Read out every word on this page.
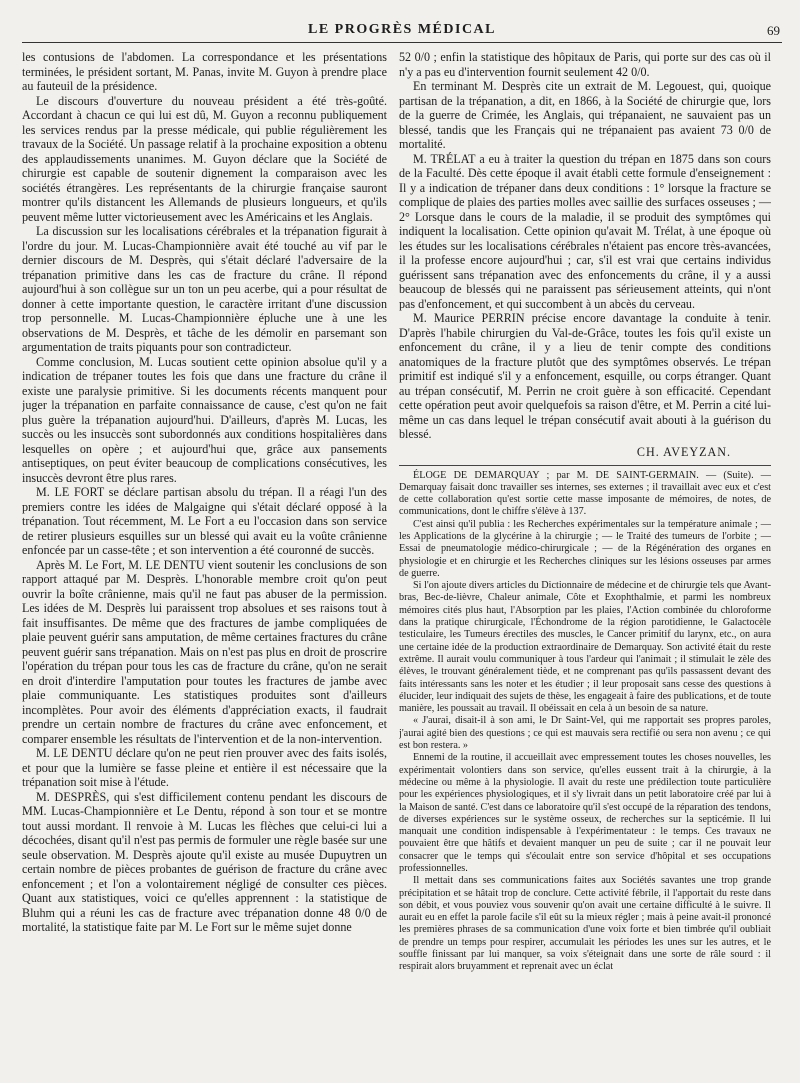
LE PROGRÈS MÉDICAL	69

les contusions de l'abdomen. La correspondance et les présentations terminées, le président sortant, M. Panas, invite M. Guyon à prendre place au fauteuil de la présidence.

Le discours d'ouverture du nouveau président a été très-goûté. Accordant à chacun ce qui lui est dû, M. Guyon a reconnu publiquement les services rendus par la presse médicale, qui publie régulièrement les travaux de la Société. Un passage relatif à la prochaine exposition a obtenu des applaudissements unanimes. M. Guyon déclare que la Société de chirurgie est capable de soutenir dignement la comparaison avec les sociétés étrangères. Les représentants de la chirurgie française sauront montrer qu'ils distancent les Allemands de plusieurs longueurs, et qu'ils peuvent même lutter victorieusement avec les Américains et les Anglais.

La discussion sur les localisations cérébrales et la trépanation figurait à l'ordre du jour. M. Lucas-Championnière avait été touché au vif par le dernier discours de M. Desprès, qui s'était déclaré l'adversaire de la trépanation primitive dans les cas de fracture du crâne. Il répond aujourd'hui à son collègue sur un ton un peu acerbe, qui a pour résultat de donner à cette importante question, le caractère irritant d'une discussion trop personnelle. M. Lucas-Championnière épluche une à une les observations de M. Desprès, et tâche de les démolir en parsemant son argumentation de traits piquants pour son contradicteur.

Comme conclusion, M. Lucas soutient cette opinion absolue qu'il y a indication de trépaner toutes les fois que dans une fracture du crâne il existe une paralysie primitive. Si les documents récents manquent pour juger la trépanation en parfaite connaissance de cause, c'est qu'on ne fait plus guère la trépanation aujourd'hui. D'ailleurs, d'après M. Lucas, les succès ou les insuccès sont subordonnés aux conditions hospitalières dans lesquelles on opère ; et aujourd'hui que, grâce aux pansements antiseptiques, on peut éviter beaucoup de complications consécutives, les insuccès devront être plus rares.

M. LE FORT se déclare partisan absolu du trépan. Il a réagi l'un des premiers contre les idées de Malgaigne qui s'était déclaré opposé à la trépanation. Tout récemment, M. Le Fort a eu l'occasion dans son service de retirer plusieurs esquilles sur un blessé qui avait eu la voûte crânienne enfoncée par un casse-tête ; et son intervention a été couronné de succès.

Après M. Le Fort, M. LE DENTU vient soutenir les conclusions de son rapport attaqué par M. Desprès. L'honorable membre croit qu'on peut ouvrir la boîte crânienne, mais qu'il ne faut pas abuser de la permission. Les idées de M. Desprès lui paraissent trop absolues et ses raisons tout à fait insuffisantes. De même que des fractures de jambe compliquées de plaie peuvent guérir sans amputation, de même certaines fractures du crâne peuvent guérir sans trépanation. Mais on n'est pas plus en droit de proscrire l'opération du trépan pour tous les cas de fracture du crâne, qu'on ne serait en droit d'interdire l'amputation pour toutes les fractures de jambe avec plaie communiquante. Les statistiques produites sont d'ailleurs incomplètes. Pour avoir des éléments d'appréciation exacts, il faudrait prendre un certain nombre de fractures du crâne avec enfoncement, et comparer ensemble les résultats de l'intervention et de la non-intervention.

M. LE DENTU déclare qu'on ne peut rien prouver avec des faits isolés, et pour que la lumière se fasse pleine et entière il est nécessaire que la trépanation soit mise à l'étude.

M. DESPRÈS, qui s'est difficilement contenu pendant les discours de MM. Lucas-Championnière et Le Dentu, répond à son tour et se montre tout aussi mordant. Il renvoie à M. Lucas les flèches que celui-ci lui a décochées, disant qu'il n'est pas permis de formuler une règle basée sur une seule observation. M. Desprès ajoute qu'il existe au musée Dupuytren un certain nombre de pièces probantes de guérison de fracture du crâne avec enfoncement ; et l'on a volontairement négligé de consulter ces pièces. Quant aux statistiques, voici ce qu'elles apprennent : la statistique de Bluhm qui a réuni les cas de fracture avec trépanation donne 48 0/0 de mortalité, la statistique faite par M. Le Fort sur le même sujet donne

52 0/0 ; enfin la statistique des hôpitaux de Paris, qui porte sur des cas où il n'y a pas eu d'intervention fournit seulement 42 0/0.

En terminant M. Desprès cite un extrait de M. Legouest, qui, quoique partisan de la trépanation, a dit, en 1866, à la Société de chirurgie que, lors de la guerre de Crimée, les Anglais, qui trépanaient, ne sauvaient pas un blessé, tandis que les Français qui ne trépanaient pas avaient 73 0/0 de mortalité.

M. TRÉLAT a eu à traiter la question du trépan en 1875 dans son cours de la Faculté. Dès cette époque il avait établi cette formule d'enseignement : Il y a indication de trépaner dans deux conditions : 1° lorsque la fracture se complique de plaies des parties molles avec saillie des surfaces osseuses ; — 2° Lorsque dans le cours de la maladie, il se produit des symptômes qui indiquent la localisation. Cette opinion qu'avait M. Trélat, à une époque où les études sur les localisations cérébrales n'étaient pas encore très-avancées, il la professe encore aujourd'hui ; car, s'il est vrai que certains individus guérissent sans trépanation avec des enfoncements du crâne, il y a aussi beaucoup de blessés qui ne paraissent pas sérieusement atteints, qui n'ont pas d'enfoncement, et qui succombent à un abcès du cerveau.

M. Maurice PERRIN précise encore davantage la conduite à tenir. D'après l'habile chirurgien du Val-de-Grâce, toutes les fois qu'il existe un enfoncement du crâne, il y a lieu de tenir compte des conditions anatomiques de la fracture plutôt que des symptômes observés. Le trépan primitif est indiqué s'il y a enfoncement, esquille, ou corps étranger. Quant au trépan consécutif, M. Perrin ne croit guère à son efficacité. Cependant cette opération peut avoir quelquefois sa raison d'être, et M. Perrin a cité lui-même un cas dans lequel le trépan consécutif avait abouti à la guérison du blessé.

CH. AVEYZAN.

ÉLOGE DE DEMARQUAY ; par M. DE SAINT-GERMAIN. — (Suite). — Demarquay faisait donc travailler ses internes, ses externes ; il travaillait avec eux et c'est de cette collaboration qu'est sortie cette masse imposante de mémoires, de notes, de communications, dont le chiffre s'élève à 137.

C'est ainsi qu'il publia : les Recherches expérimentales sur la température animale ; — les Applications de la glycérine à la chirurgie ; — le Traité des tumeurs de l'orbite ; — Essai de pneumatologie médico-chirurgicale ; — de la Régénération des organes en physiologie et en chirurgie et les Recherches cliniques sur les lésions osseuses par armes de guerre.

Si l'on ajoute divers articles du Dictionnaire de médecine et de chirurgie tels que Avant-bras, Bec-de-lièvre, Chaleur animale, Côte et Exophthalmie, et parmi les nombreux mémoires cités plus haut, l'Absorption par les plaies, l'Action combinée du chloroforme dans la pratique chirurgicale, l'Échondrome de la région parotidienne, le Galactocèle testiculaire, les Tumeurs érectiles des muscles, le Cancer primitif du larynx, etc., on aura une certaine idée de la production extraordinaire de Demarquay. Son activité était du reste extrême. Il aurait voulu communiquer à tous l'ardeur qui l'animait ; il stimulait le zèle des élèves, le trouvant généralement tiède, et ne comprenant pas qu'ils passassent devant des faits intéressants sans les noter et les étudier ; il leur proposait sans cesse des questions à élucider, leur indiquait des sujets de thèse, les engageait à faire des publications, et de toute manière, les poussait au travail. Il obéissait en cela à un besoin de sa nature.

« J'aurai, disait-il à son ami, le Dr Saint-Vel, qui me rapportait ses propres paroles, j'aurai agité bien des questions ; ce qui est mauvais sera rectifié ou sera non avenu ; ce qui est bon restera. »

Ennemi de la routine, il accueillait avec empressement toutes les choses nouvelles, les expérimentait volontiers dans son service, qu'elles eussent trait à la chirurgie, à la médecine ou même à la physiologie. Il avait du reste une prédilection toute particulière pour les expériences physiologiques, et il s'y livrait dans un petit laboratoire créé par lui à la Maison de santé. C'est dans ce laboratoire qu'il s'est occupé de la réparation des tendons, de diverses expériences sur le système osseux, de recherches sur la septicémie. Il lui manquait une condition indispensable à l'expérimentateur : le temps. Ces travaux ne pouvaient être que hâtifs et devaient manquer un peu de suite ; car il ne pouvait leur consacrer que le temps qui s'écoulait entre son service d'hôpital et ses occupations professionnelles.

Il mettait dans ses communications faites aux Sociétés savantes une trop grande précipitation et se hâtait trop de conclure. Cette activité fébrile, il l'apportait du reste dans son débit, et vous pouviez vous souvenir qu'on avait une certaine difficulté à le suivre. Il aurait eu en effet la parole facile s'il eût su la mieux régler ; mais à peine avait-il prononcé les premières phrases de sa communication d'une voix forte et bien timbrée qu'il oubliait de prendre un temps pour respirer, accumulait les périodes les unes sur les autres, et le souffle finissant par lui manquer, sa voix s'éteignait dans une sorte de râle sourd : il respirait alors bruyamment et reprenait avec un éclat
